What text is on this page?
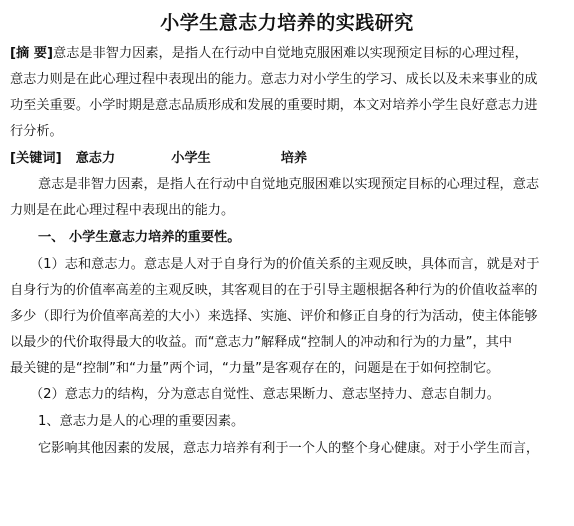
小学生意志力培养的实践研究
[摘 要]意志是非智力因素，是指人在行动中自觉地克服困难以实现预定目标的心理过程，
意志力则是在此心理过程中表现出的能力。意志力对小学生的学习、成长以及未来事业的成
功至关重要。小学时期是意志品质形成和发展的重要时期，本文对培养小学生良好意志力进
行分析。
[关键词] 意志力	小学生	培养
意志是非智力因素，是指人在行动中自觉地克服困难以实现预定目标的心理过程，意志
力则是在此心理过程中表现出的能力。
一、 小学生意志力培养的重要性。
（1）志和意志力。意志是人对于自身行为的价值关系的主观反映，具体而言，就是对于
自身行为的价值率高差的主观反映，其客观目的在于引导主题根据各种行为的价值收益率的
多少（即行为价值率高差的大小）来选择、实施、评价和修正自身的行为活动，使主体能够
以最少的代价取得最大的收益。而“意志力”解释成“控制人的冲动和行为的力量”，其中
最关键的是“控制”和“力量”两个词，“力量”是客观存在的，问题是在于如何控制它。
（2）意志力的结构，分为意志自觉性、意志果断力、意志坚持力、意志自制力。
1、意志力是人的心理的重要因素。
它影响其他因素的发展，意志力培养有利于一个人的整个身心健康。对于小学生而言，
